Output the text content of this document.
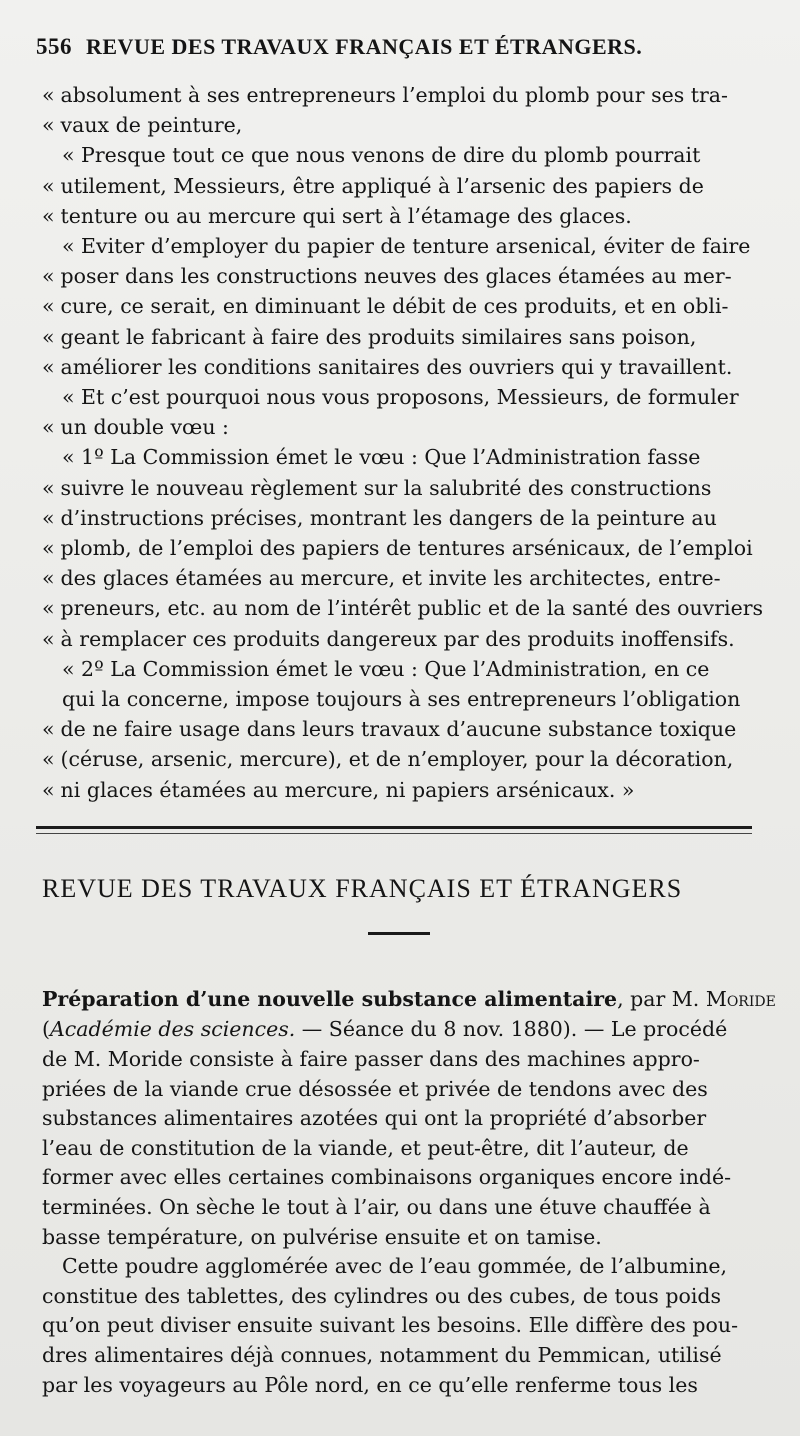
556 REVUE DES TRAVAUX FRANÇAIS ET ÉTRANGERS.
« absolument à ses entrepreneurs l’emploi du plomb pour ses tra-
« vaux de peinture,
« Presque tout ce que nous venons de dire du plomb pourrait
« utilement, Messieurs, être appliqué à l’arsenic des papiers de
« tenture ou au mercure qui sert à l’étamage des glaces.
« Eviter d’employer du papier de tenture arsenical, éviter de faire
« poser dans les constructions neuves des glaces étamées au mer-
« cure, ce serait, en diminuant le débit de ces produits, et en obli-
« geant le fabricant à faire des produits similaires sans poison,
« améliorer les conditions sanitaires des ouvriers qui y travaillent.
« Et c’est pourquoi nous vous proposons, Messieurs, de formuler
« un double vœu :
« 1º La Commission émet le vœu : Que l’Administration fasse
« suivre le nouveau règlement sur la salubrité des constructions
« d’instructions précises, montrant les dangers de la peinture au
« plomb, de l’emploi des papiers de tentures arsénicaux, de l’emploi
« des glaces étamées au mercure, et invite les architectes, entre-
« preneurs, etc. au nom de l’intérêt public et de la santé des ouvriers
« à remplacer ces produits dangereux par des produits inoffensifs.
« 2º La Commission émet le vœu : Que l’Administration, en ce
qui la concerne, impose toujours à ses entrepreneurs l’obligation
« de ne faire usage dans leurs travaux d’aucune substance toxique
« (céruse, arsenic, mercure), et de n’employer, pour la décoration,
« ni glaces étamées au mercure, ni papiers arsénicaux. »
REVUE DES TRAVAUX FRANÇAIS ET ÉTRANGERS
Préparation d’une nouvelle substance alimentaire, par M. Moride
(Académie des sciences. — Séance du 8 nov. 1880). — Le procédé
de M. Moride consiste à faire passer dans des machines appro-
priées de la viande crue désossée et privée de tendons avec des
substances alimentaires azotées qui ont la propriété d’absorber
l’eau de constitution de la viande, et peut-être, dit l’auteur, de
former avec elles certaines combinaisons organiques encore indé-
terminées. On sèche le tout à l’air, ou dans une étuve chauffée à
basse température, on pulvérise ensuite et on tamise.
Cette poudre agglomérée avec de l’eau gommée, de l’albumine,
constitue des tablettes, des cylindres ou des cubes, de tous poids
qu’on peut diviser ensuite suivant les besoins. Elle diffère des pou-
dres alimentaires déjà connues, notamment du Pemmican, utilisé
par les voyageurs au Pôle nord, en ce qu’elle renferme tous les
